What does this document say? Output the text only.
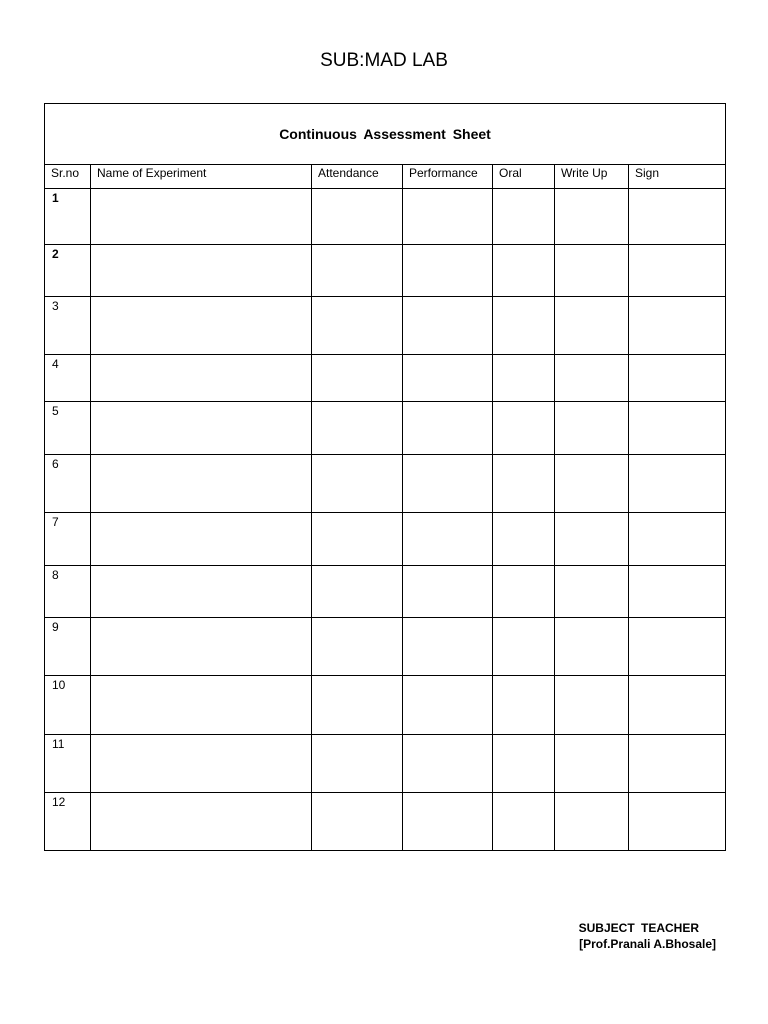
SUB:MAD LAB
Continuous Assessment Sheet						
Sr.no	Name of Experiment	Attendance	Performance	Oral	Write Up	Sign
1						
2						
3						
4						
5						
6						
7						
8						
9						
10						
11						
12						
SUBJECT TEACHER
[Prof.Pranali A.Bhosale]
